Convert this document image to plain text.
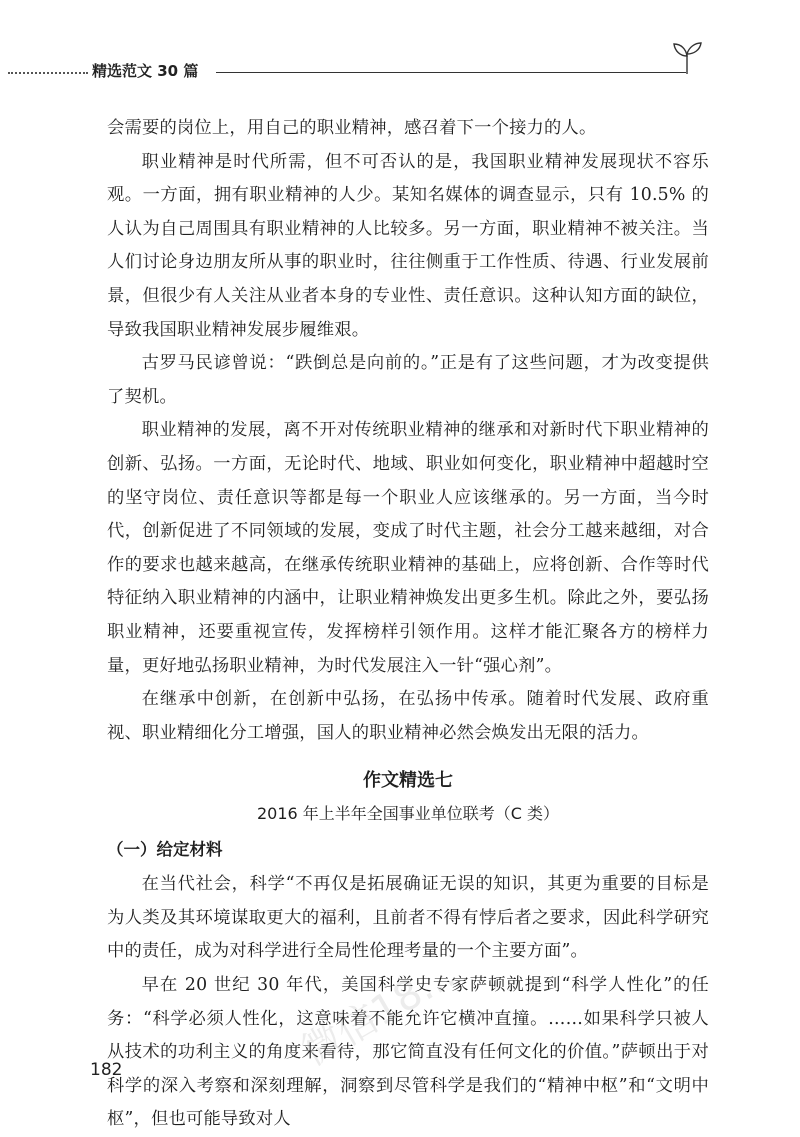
精选范文 30 篇

会需要的岗位上，用自己的职业精神，感召着下一个接力的人。

职业精神是时代所需，但不可否认的是，我国职业精神发展现状不容乐观。一方面，拥有职业精神的人少。某知名媒体的调查显示，只有 10.5% 的人认为自己周围具有职业精神的人比较多。另一方面，职业精神不被关注。当人们讨论身边朋友所从事的职业时，往往侧重于工作性质、待遇、行业发展前景，但很少有人关注从业者本身的专业性、责任意识。这种认知方面的缺位，导致我国职业精神发展步履维艰。

古罗马民谚曾说：“跌倒总是向前的。”正是有了这些问题，才为改变提供了契机。

职业精神的发展，离不开对传统职业精神的继承和对新时代下职业精神的创新、弘扬。一方面，无论时代、地域、职业如何变化，职业精神中超越时空的坚守岗位、责任意识等都是每一个职业人应该继承的。另一方面，当今时代，创新促进了不同领域的发展，变成了时代主题，社会分工越来越细，对合作的要求也越来越高，在继承传统职业精神的基础上，应将创新、合作等时代特征纳入职业精神的内涵中，让职业精神焕发出更多生机。除此之外，要弘扬职业精神，还要重视宣传，发挥榜样引领作用。这样才能汇聚各方的榜样力量，更好地弘扬职业精神，为时代发展注入一针“强心剂”。

在继承中创新，在创新中弘扬，在弘扬中传承。随着时代发展、政府重视、职业精细化分工增强，国人的职业精神必然会焕发出无限的活力。

作文精选七
2016 年上半年全国事业单位联考（C 类）
（一）给定材料

在当代社会，科学“不再仅是拓展确证无误的知识，其更为重要的目标是为人类及其环境谋取更大的福利，且前者不得有悖后者之要求，因此科学研究中的责任，成为对科学进行全局性伦理考量的一个主要方面”。

早在 20 世纪 30 年代，美国科学史专家萨顿就提到“科学人性化”的任务：“科学必须人性化，这意味着不能允许它横冲直撞。……如果科学只被人从技术的功利主义的角度来看待，那它简直没有任何文化的价值。”萨顿出于对科学的深入考察和深刻理解，洞察到尽管科学是我们的“精神中枢”和“文明中枢”，但也可能导致对人

182	微信18...
